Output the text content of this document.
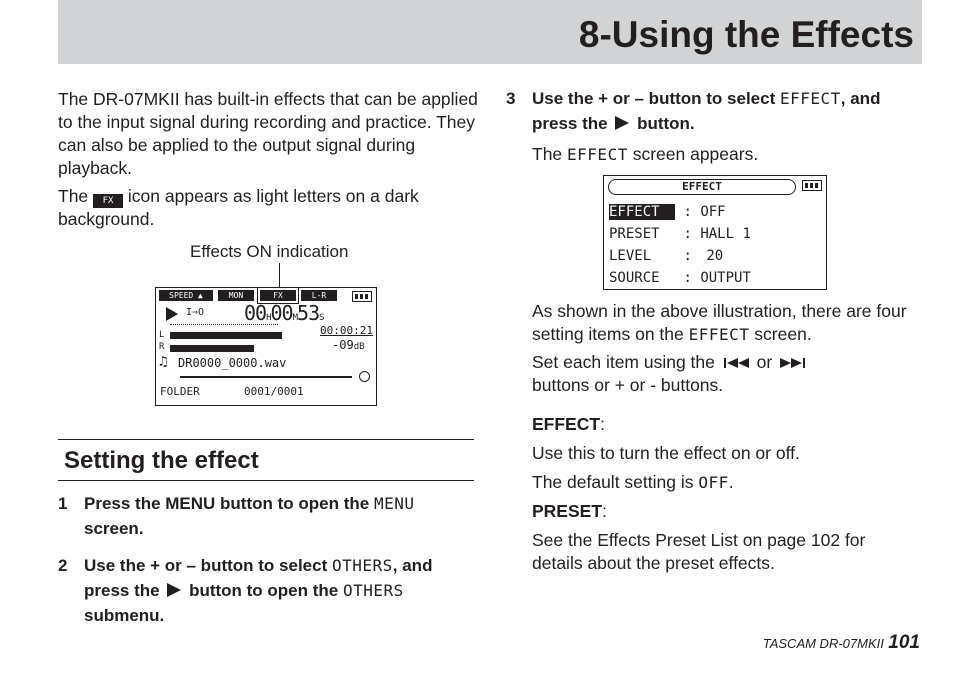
8-Using the Effects
The DR-07MKII has built-in effects that can be applied to the input signal during recording and practice. They can also be applied to the output signal during playback.
The FX icon appears as light letters on a dark background.
Effects ON indication
SPEED ▲	MON	FX	L-R
I⇒O 00H00M53S
L
R
00:00:21
-09dB
♫ DR0000_0000.wav
FOLDER	0001/0001
Setting the effect
1 Press the MENU button to open the MENU screen.
2 Use the + or – button to select OTHERS, and press the button to open the OTHERS submenu.
3 Use the + or – button to select EFFECT, and press the button.
The EFFECT screen appears.
EFFECT
EFFECT : OFF
PRESET : HALL 1
LEVEL : 20
SOURCE : OUTPUT
As shown in the above illustration, there are four setting items on the EFFECT screen.
Set each item using the or
buttons or + or - buttons.
EFFECT:
Use this to turn the effect on or off.
The default setting is OFF.
PRESET:
See the Effects Preset List on page 102 for details about the preset effects.
TASCAM DR-07MKII 101
